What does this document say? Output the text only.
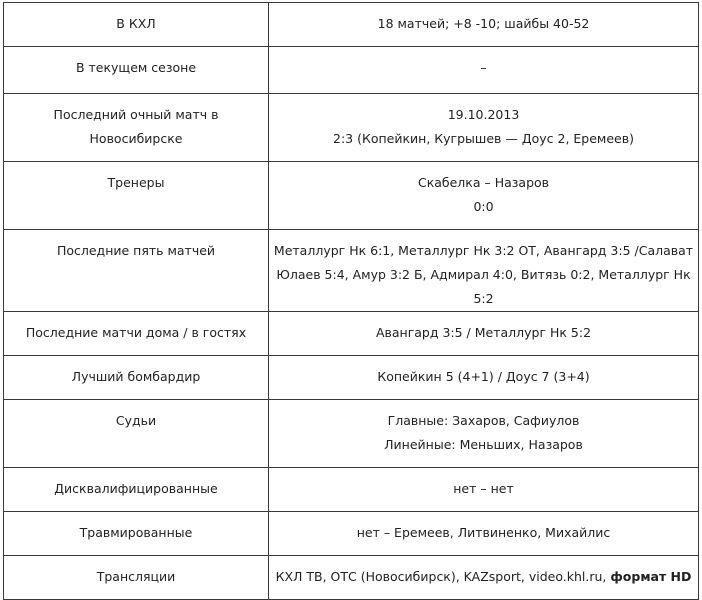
В КХЛ	18 матчей; +8 -10; шайбы 40-52

В текущем сезоне	–

Последний очный матч в Новосибирске	19.10.2013
2:3 (Копейкин, Кугрышев — Доус 2, Еремеев)

Тренеры	Скабелка – Назаров
0:0

Последние пять матчей	Металлург Нк 6:1, Металлург Нк 3:2 ОТ, Авангард 3:5 /Салават
Юлаев 5:4, Амур 3:2 Б, Адмирал 4:0, Витязь 0:2, Металлург Нк 5:2

Последние матчи дома / в гостях	Авангард 3:5 / Металлург Нк 5:2

Лучший бомбардир	Копейкин 5 (4+1) / Доус 7 (3+4)

Судьи	Главные: Захаров, Сафиулов
Линейные: Меньших, Назаров

Дисквалифицированные	нет – нет

Травмированные	нет – Еремеев, Литвиненко, Михайлис

Трансляции	КХЛ ТВ, ОТС (Новосибирск), KAZsport, video.khl.ru, формат HD
